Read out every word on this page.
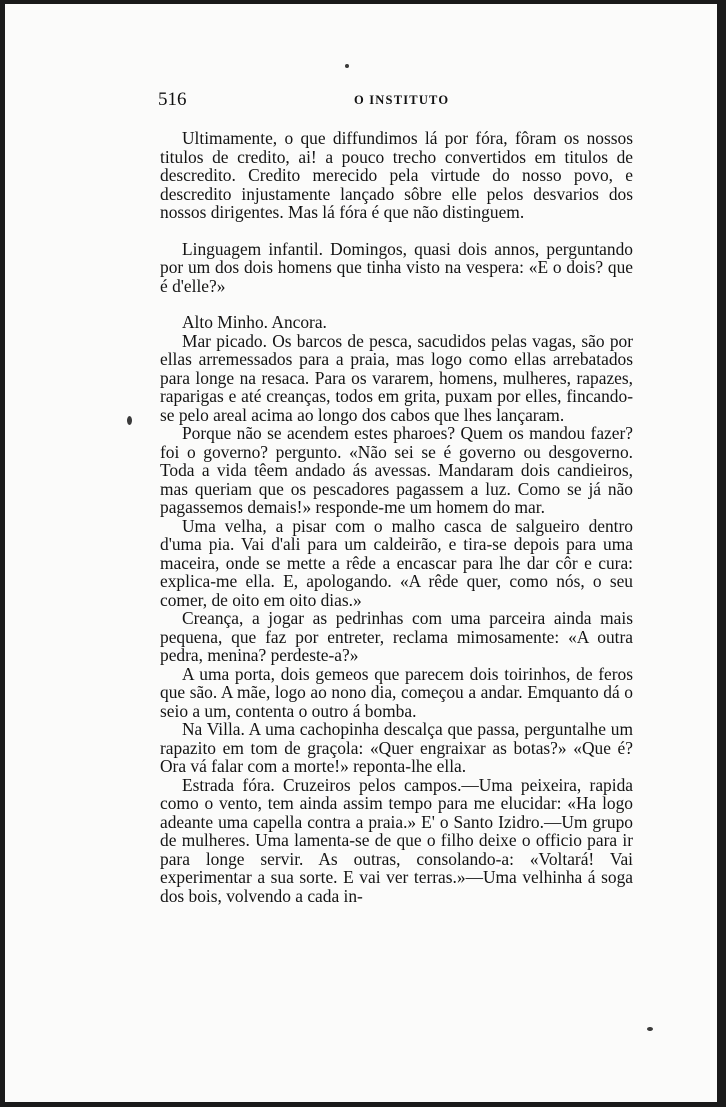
516	O INSTITUTO

Ultimamente, o que diffundimos lá por fóra, fôram os nossos titulos de credito, ai! a pouco trecho convertidos em titulos de descredito. Credito merecido pela virtude do nosso povo, e descredito injustamente lançado sôbre elle pelos desvarios dos nossos dirigentes. Mas lá fóra é que não distinguem.

Linguagem infantil. Domingos, quasi dois annos, perguntando por um dos dois homens que tinha visto na vespera: «E o dois? que é d'elle?»

Alto Minho. Ancora.

Mar picado. Os barcos de pesca, sacudidos pelas vagas, são por ellas arremessados para a praia, mas logo como ellas arrebatados para longe na resaca. Para os vararem, homens, mulheres, rapazes, raparigas e até creanças, todos em grita, puxam por elles, fincando-se pelo areal acima ao longo dos cabos que lhes lançaram.

Porque não se acendem estes pharoes? Quem os mandou fazer? foi o governo? pergunto. «Não sei se é governo ou desgoverno. Toda a vida têem andado ás avessas. Mandaram dois candieiros, mas queriam que os pescadores pagassem a luz. Como se já não pagassemos demais!» responde-me um homem do mar.

Uma velha, a pisar com o malho casca de salgueiro dentro d'uma pia. Vai d'ali para um caldeirão, e tira-se depois para uma maceira, onde se mette a rêde a encascar para lhe dar côr e cura: explica-me ella. E, apologando. «A rêde quer, como nós, o seu comer, de oito em oito dias.»

Creança, a jogar as pedrinhas com uma parceira ainda mais pequena, que faz por entreter, reclama mimosamente: «A outra pedra, menina? perdeste-a?»

A uma porta, dois gemeos que parecem dois toirinhos, de feros que são. A mãe, logo ao nono dia, começou a andar. Emquanto dá o seio a um, contenta o outro á bomba.

Na Villa. A uma cachopinha descalça que passa, perguntalhe um rapazito em tom de graçola: «Quer engraixar as botas?» «Que é? Ora vá falar com a morte!» reponta-lhe ella.

Estrada fóra. Cruzeiros pelos campos.—Uma peixeira, rapida como o vento, tem ainda assim tempo para me elucidar: «Ha logo adeante uma capella contra a praia.» E' o Santo Izidro.—Um grupo de mulheres. Uma lamenta-se de que o filho deixe o officio para ir para longe servir. As outras, consolando-a: «Voltará! Vai experimentar a sua sorte. E vai ver terras.»—Uma velhinha á soga dos bois, volvendo a cada in-
